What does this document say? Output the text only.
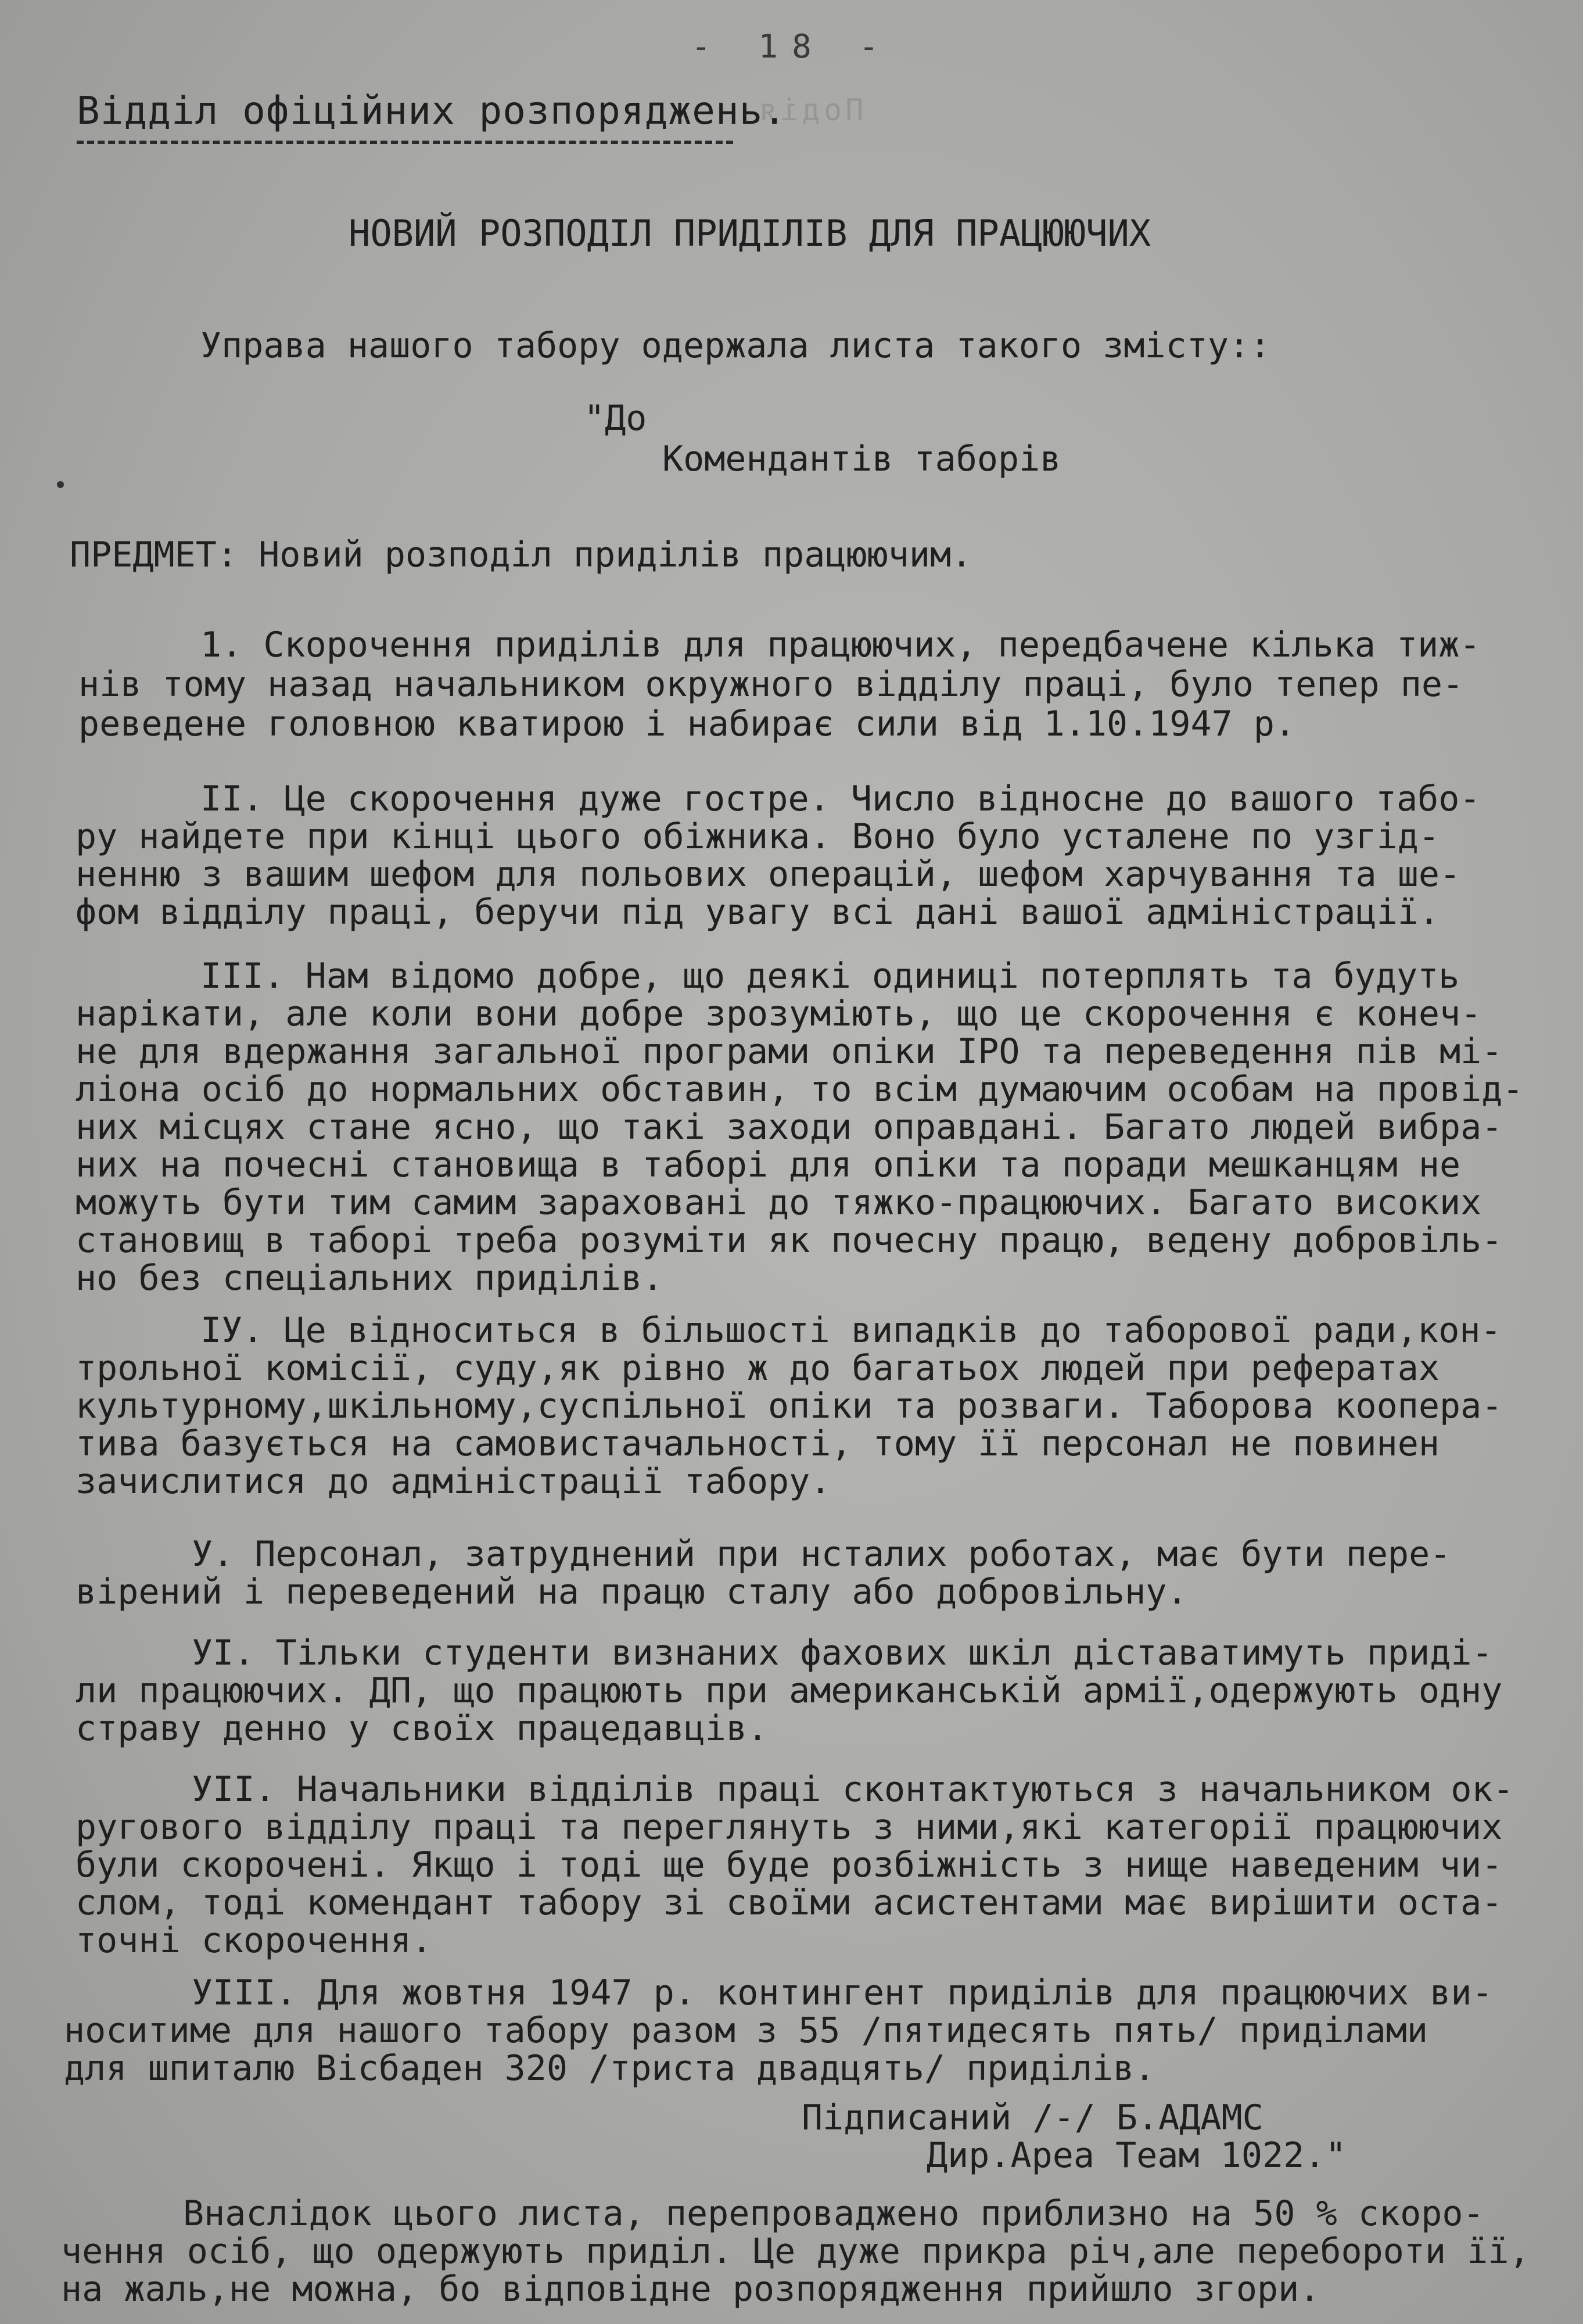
Подія
- 18 -
Відділ офіційних розпоряджень.
НОВИЙ РОЗПОДІЛ ПРИДІЛІВ ДЛЯ ПРАЦЮЮЧИХ
Управа нашого табору одержала листа такого змісту::
"До
Комендантів таборів
ПРЕДМЕТ: Новий розподіл приділів працюючим.
1. Скорочення приділів для працюючих, передбачене кілька тиж-
нів тому назад начальником окружного відділу праці, було тепер пе-
реведене головною кватирою і набирає сили від 1.10.1947 р.
II. Це скорочення дуже гостре. Число відносне до вашого табо-
ру найдете при кінці цього обіжника. Воно було усталене по узгід-
ненню з вашим шефом для польових операцій, шефом харчування та ше-
фом відділу праці, беручи під увагу всі дані вашої адміністрації.
III. Нам відомо добре, що деякі одиниці потерплять та будуть
нарікати, але коли вони добре зрозуміють, що це скорочення є конеч-
не для вдержання загальної програми опіки ІРО та переведення пів мі-
ліона осіб до нормальних обставин, то всім думаючим особам на провід-
них місцях стане ясно, що такі заходи оправдані. Багато людей вибра-
них на почесні становища в таборі для опіки та поради мешканцям не
можуть бути тим самим зараховані до тяжко-працюючих. Багато високих
становищ в таборі треба розуміти як почесну працю, ведену добровіль-
но без спеціальних приділів.
IУ. Це відноситься в більшості випадків до таборової ради,кон-
трольної комісії, суду,як рівно ж до багатьох людей при рефератах
культурному,шкільному,суспільної опіки та розваги. Таборова коопера-
тива базується на самовистачальності, тому її персонал не повинен
зачислитися до адміністрації табору.
У. Персонал, затруднений при нсталих роботах, має бути пере-
вірений і переведений на працю сталу або добровільну.
УI. Тільки студенти визнаних фахових шкіл діставатимуть приді-
ли працюючих. ДП, що працюють при американській армії,одержують одну
страву денно у своїх працедавців.
УII. Начальники відділів праці сконтактуються з начальником ок-
ругового відділу праці та переглянуть з ними,які категорії працюючих
були скорочені. Якщо і тоді ще буде розбіжність з нище наведеним чи-
слом, тоді комендант табору зі своїми асистентами має вирішити оста-
точні скорочення.
УIII. Для жовтня 1947 р. контингент приділів для працюючих ви-
носитиме для нашого табору разом з 55 /пятидесять пять/ приділами
для шпиталю Вісбаден 320 /триста двадцять/ приділів.
Підписаний /-/ Б.АДАМС
Дир.Ареа Теам 1022."
Внаслідок цього листа, перепроваджено приблизно на 50 % скоро-
чення осіб, що одержують приділ. Це дуже прикра річ,але перебороти її,
на жаль,не можна, бо відповідне розпорядження прийшло згори.
